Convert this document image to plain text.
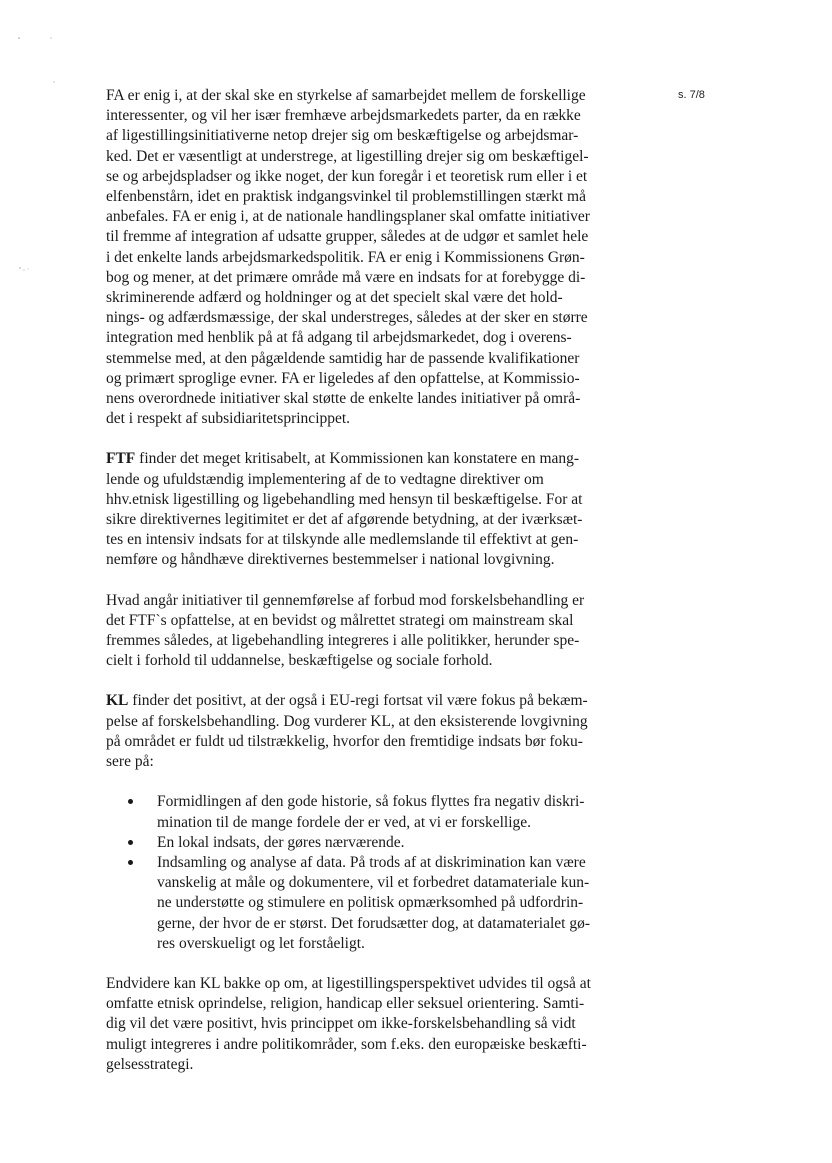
s. 7/8

FA er enig i, at der skal ske en styrkelse af samarbejdet mellem de forskellige
interessenter, og vil her især fremhæve arbejdsmarkedets parter, da en række
af ligestillingsinitiativerne netop drejer sig om beskæftigelse og arbejdsmar-
ked. Det er væsentligt at understrege, at ligestilling drejer sig om beskæftigel-
se og arbejdspladser og ikke noget, der kun foregår i et teoretisk rum eller i et
elfenbenstårn, idet en praktisk indgangsvinkel til problemstillingen stærkt må
anbefales. FA er enig i, at de nationale handlingsplaner skal omfatte initiativer
til fremme af integration af udsatte grupper, således at de udgør et samlet hele
i det enkelte lands arbejdsmarkedspolitik. FA er enig i Kommissionens Grøn-
bog og mener, at det primære område må være en indsats for at forebygge di-
skriminerende adfærd og holdninger og at det specielt skal være det hold-
nings- og adfærdsmæssige, der skal understreges, således at der sker en større
integration med henblik på at få adgang til arbejdsmarkedet, dog i overens-
stemmelse med, at den pågældende samtidig har de passende kvalifikationer
og primært sproglige evner. FA er ligeledes af den opfattelse, at Kommissio-
nens overordnede initiativer skal støtte de enkelte landes initiativer på områ-
det i respekt af subsidiaritetsprincippet.

FTF finder det meget kritisabelt, at Kommissionen kan konstatere en mang-
lende og ufuldstændig implementering af de to vedtagne direktiver om
hhv.etnisk ligestilling og ligebehandling med hensyn til beskæftigelse. For at
sikre direktivernes legitimitet er det af afgørende betydning, at der iværksæt-
tes en intensiv indsats for at tilskynde alle medlemslande til effektivt at gen-
nemføre og håndhæve direktivernes bestemmelser i national lovgivning.

Hvad angår initiativer til gennemførelse af forbud mod forskelsbehandling er
det FTF`s opfattelse, at en bevidst og målrettet strategi om mainstream skal
fremmes således, at ligebehandling integreres i alle politikker, herunder spe-
cielt i forhold til uddannelse, beskæftigelse og sociale forhold.

KL finder det positivt, at der også i EU-regi fortsat vil være fokus på bekæm-
pelse af forskelsbehandling. Dog vurderer KL, at den eksisterende lovgivning
på området er fuldt ud tilstrækkelig, hvorfor den fremtidige indsats bør foku-
sere på:

Formidlingen af den gode historie, så fokus flyttes fra negativ diskri-
mination til de mange fordele der er ved, at vi er forskellige.
En lokal indsats, der gøres nærværende.
Indsamling og analyse af data. På trods af at diskrimination kan være
vanskelig at måle og dokumentere, vil et forbedret datamateriale kun-
ne understøtte og stimulere en politisk opmærksomhed på udfordrin-
gerne, der hvor de er størst. Det forudsætter dog, at datamaterialet gø-
res overskueligt og let forståeligt.

Endvidere kan KL bakke op om, at ligestillingsperspektivet udvides til også at
omfatte etnisk oprindelse, religion, handicap eller seksuel orientering. Samti-
dig vil det være positivt, hvis princippet om ikke-forskelsbehandling så vidt
muligt integreres i andre politikområder, som f.eks. den europæiske beskæfti-
gelsesstrategi.
